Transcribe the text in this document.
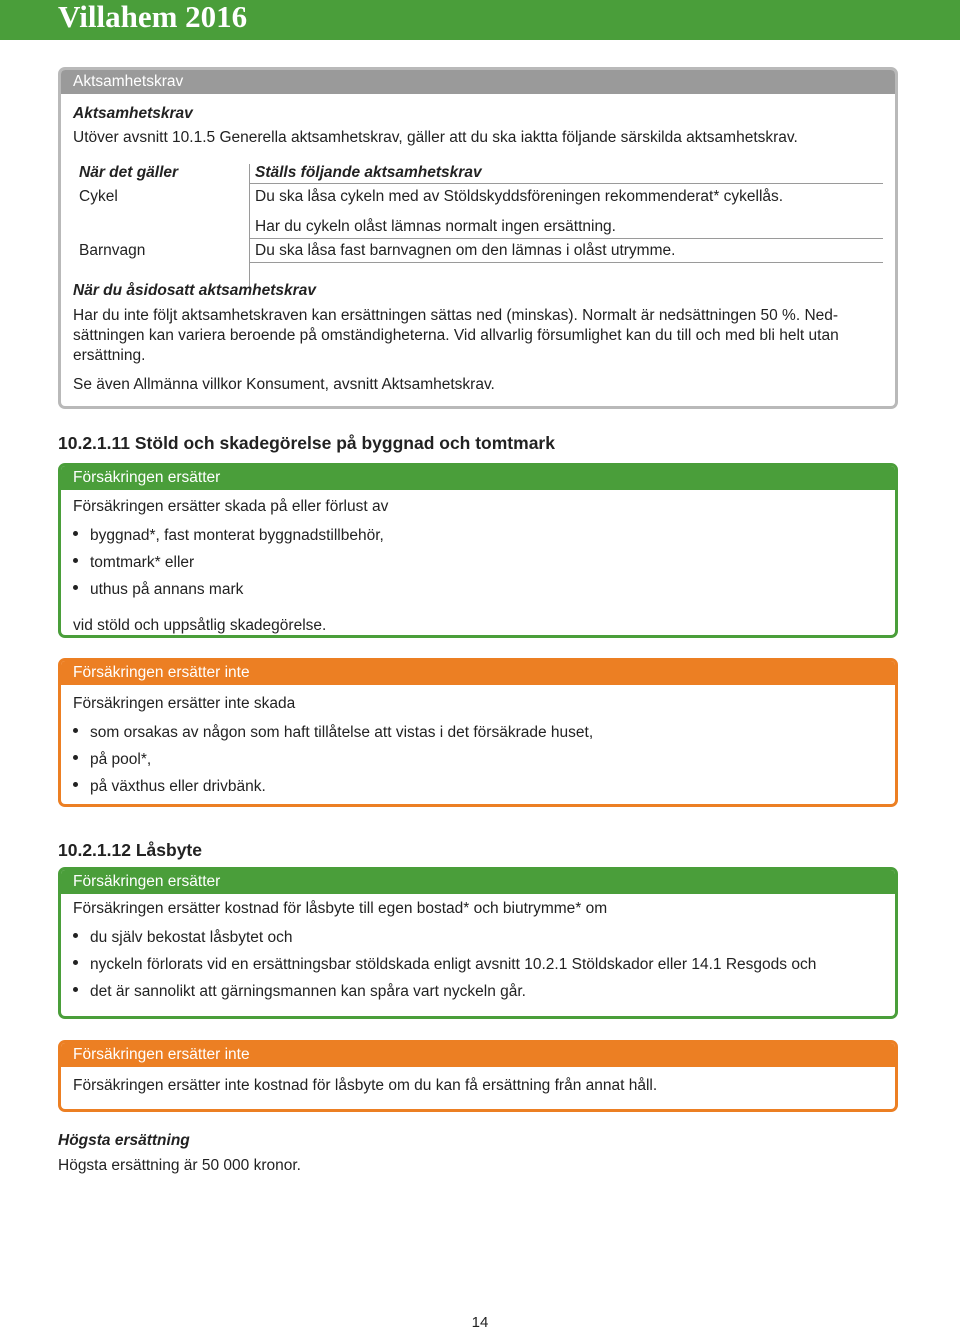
Villahem 2016
Aktsamhetskrav
Aktsamhetskrav
Utöver avsnitt 10.1.5 Generella aktsamhetskrav, gäller att du ska iaktta följande särskilda aktsamhetskrav.
När det gäller	Ställs följande aktsamhetskrav
Cykel	Du ska låsa cykeln med av Stöldskyddsföreningen rekommenderat* cykellås.
Har du cykeln olåst lämnas normalt ingen ersättning.
Barnvagn	Du ska låsa fast barnvagnen om den lämnas i olåst utrymme.
När du åsidosatt aktsamhetskrav
Har du inte följt aktsamhetskraven kan ersättningen sättas ned (minskas). Normalt är nedsättningen 50 %. Ned-
sättningen kan variera beroende på omständigheterna. Vid allvarlig försumlighet kan du till och med bli helt utan
ersättning.
Se även Allmänna villkor Konsument, avsnitt Aktsamhetskrav.
10.2.1.11 Stöld och skadegörelse på byggnad och tomtmark
Försäkringen ersätter
Försäkringen ersätter skada på eller förlust av
byggnad*, fast monterat byggnadstillbehör,
tomtmark* eller
uthus på annans mark
vid stöld och uppsåtlig skadegörelse.
Försäkringen ersätter inte
Försäkringen ersätter inte skada
som orsakas av någon som haft tillåtelse att vistas i det försäkrade huset,
på pool*,
på växthus eller drivbänk.
10.2.1.12 Låsbyte
Försäkringen ersätter
Försäkringen ersätter kostnad för låsbyte till egen bostad* och biutrymme* om
du själv bekostat låsbytet och
nyckeln förlorats vid en ersättningsbar stöldskada enligt avsnitt 10.2.1 Stöldskador eller 14.1 Resgods och
det är sannolikt att gärningsmannen kan spåra vart nyckeln går.
Försäkringen ersätter inte
Försäkringen ersätter inte kostnad för låsbyte om du kan få ersättning från annat håll.
Högsta ersättning
Högsta ersättning är 50 000 kronor.
14
